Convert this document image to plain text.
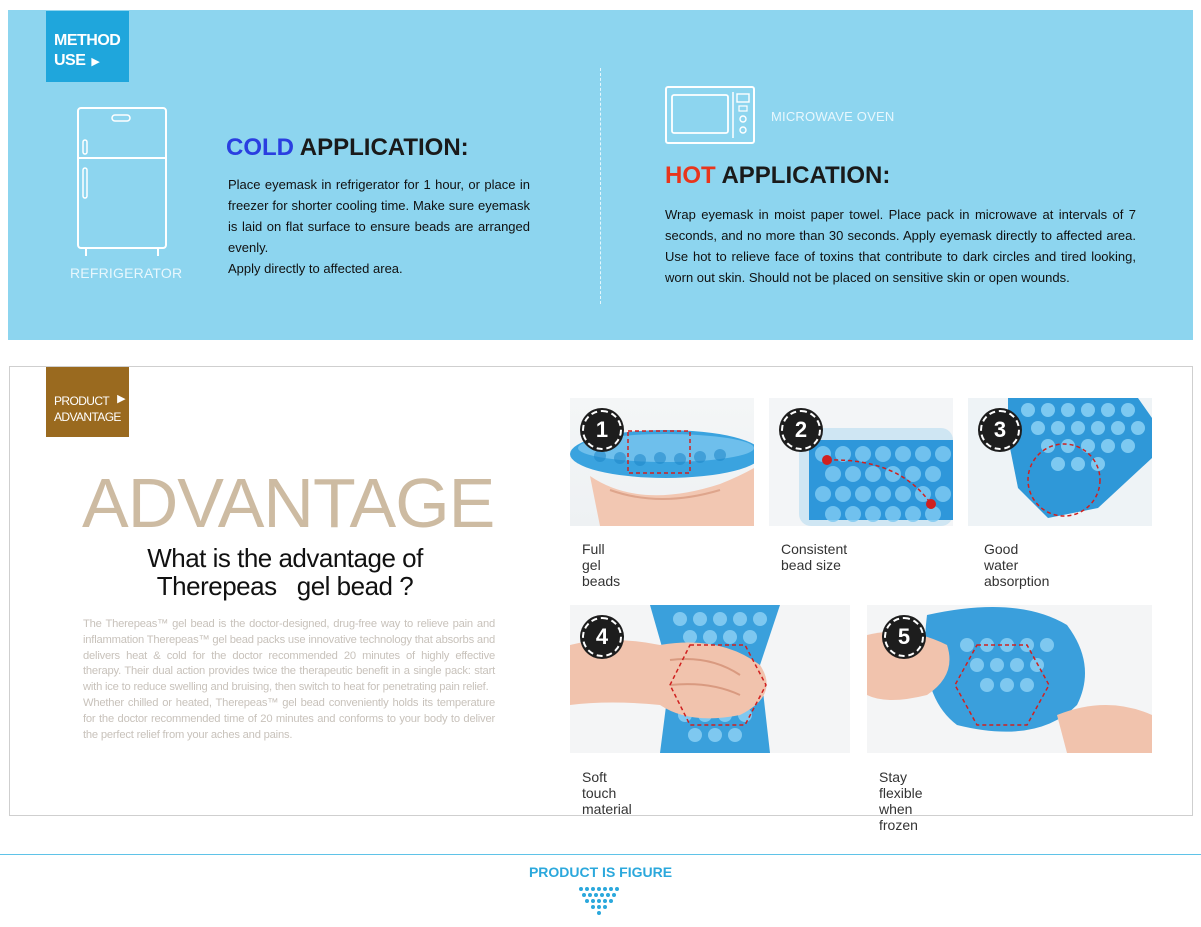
METHOD
USE ▶
REFRIGERATOR
COLD APPLICATION:

Place eyemask in refrigerator for 1 hour, or place in freezer for shorter cooling time. Make sure eyemask is laid on flat surface to ensure beads are arranged evenly.

Apply directly to affected area.

MICROWAVE OVEN
HOT APPLICATION:

Wrap eyemask in moist paper towel. Place pack in microwave at intervals of 7 seconds, and no more than 30 seconds. Apply eyemask directly to affected area. Use hot to relieve face of toxins that contribute to dark circles and tired looking, worn out skin. Should not be placed on sensitive skin or open wounds.

PRODUCT
ADVANTAGE
▶
ADVANTAGE
What is the advantage of
Therepeas   gel bead ?

The Therepeas™ gel bead is the doctor-designed, drug-free way to relieve pain and inflammation Therepeas™ gel bead packs use innovative technology that absorbs and delivers heat & cold for the doctor recommended 20 minutes of highly effective therapy. Their dual action provides twice the therapeutic benefit in a single pack: start with ice to reduce swelling and bruising, then switch to heat for penetrating pain relief.

Whether chilled or heated, Therepeas™ gel bead conveniently holds its temperature for the doctor recommended time of 20 minutes and conforms to your body to deliver the perfect relief from your aches and pains.

1
Full gel beads
2
Consistent bead size
3
Good water absorption
4
Soft touch material
5
Stay flexible when frozen
PRODUCT IS FIGURE
